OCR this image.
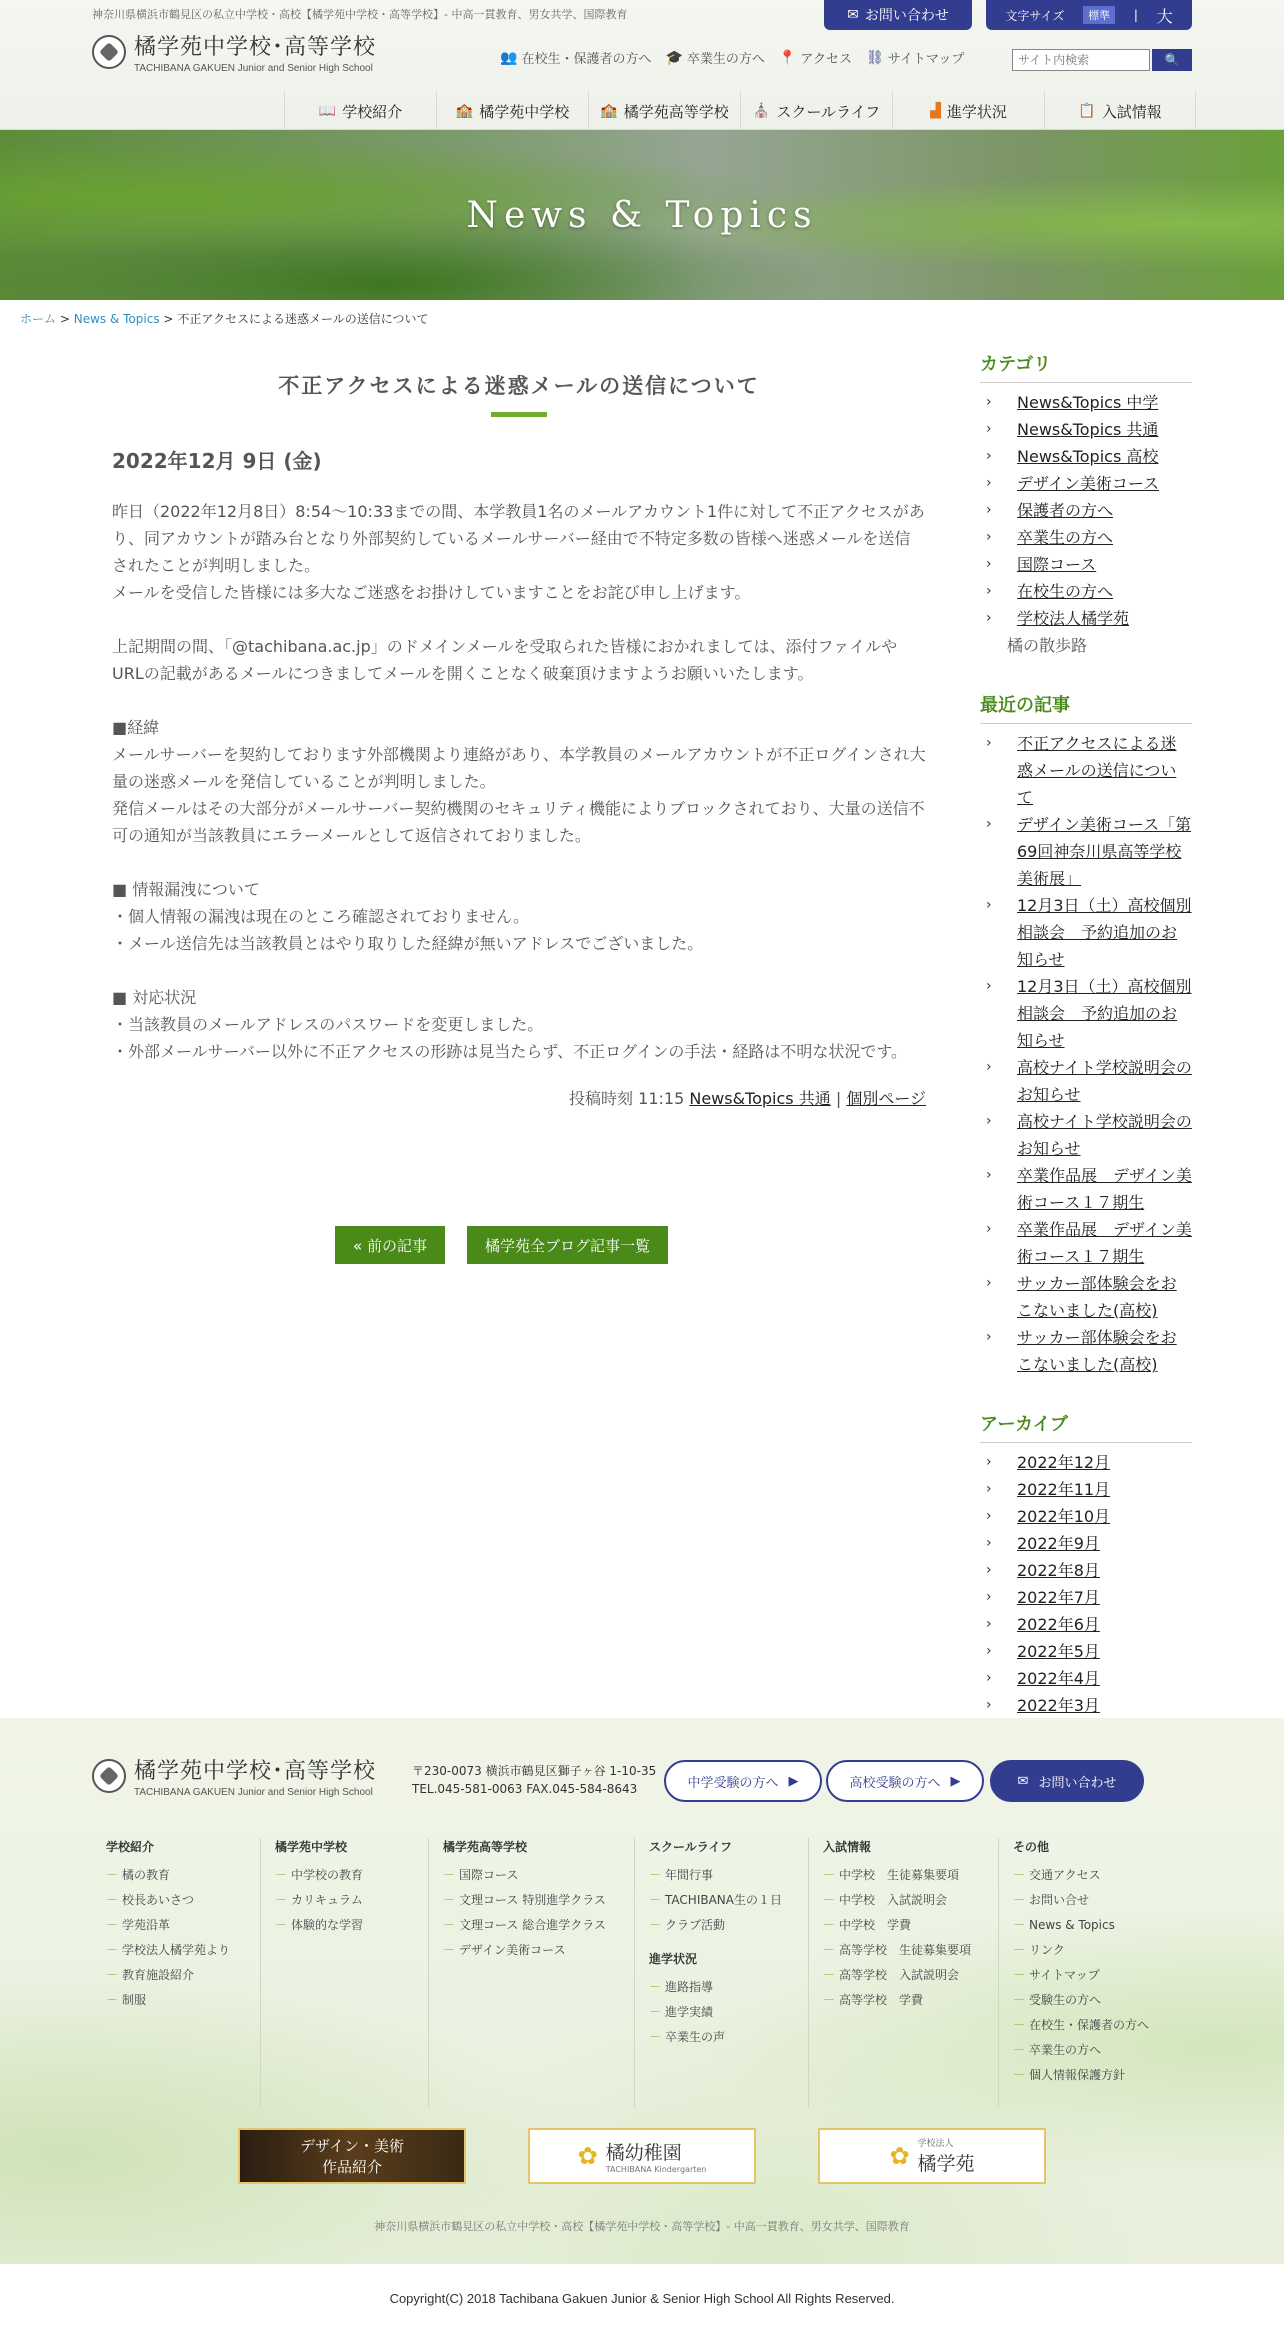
神奈川県横浜市鶴見区の私立中学校・高校【橘学苑中学校・高等学校】- 中高一貫教育、男女共学、国際教育
橘学苑中学校･高等学校
TACHIBANA GAKUEN Junior and Senior High School
✉ お問い合わせ	文字サイズ	標準	| 大
👥 在校生・保護者の方へ 🎓 卒業生の方へ 📍 アクセス ⛓ サイトマップ
サイト内検索	🔍
📖 学校紹介	🏫 橘学苑中学校 🏫 橘学苑高等学校 ⛪ スクールライフ	▟ 進学状況	📋 入試情報
News & Topics
ホーム > News & Topics > 不正アクセスによる迷惑メールの送信について
不正アクセスによる迷惑メールの送信について
2022年12月 9日 (金)
昨日（2022年12月8日）8:54～10:33までの間、本学教員1名のメールアカウント1件に対して不正アクセスがあり、同アカウントが踏み台となり外部契約しているメールサーバー経由で不特定多数の皆様へ迷惑メールを送信されたことが判明しました。
メールを受信した皆様には多大なご迷惑をお掛けしていますことをお詫び申し上げます。
上記期間の間、「@tachibana.ac.jp」のドメインメールを受取られた皆様におかれましては、添付ファイルやURLの記載があるメールにつきましてメールを開くことなく破棄頂けますようお願いいたします。
■経緯
メールサーバーを契約しております外部機関より連絡があり、本学教員のメールアカウントが不正ログインされ大量の迷惑メールを発信していることが判明しました。
発信メールはその大部分がメールサーバー契約機関のセキュリティ機能によりブロックされており、大量の送信不可の通知が当該教員にエラーメールとして返信されておりました。
■ 情報漏洩について
・個人情報の漏洩は現在のところ確認されておりません。
・メール送信先は当該教員とはやり取りした経緯が無いアドレスでございました。
■ 対応状況
・当該教員のメールアドレスのパスワードを変更しました。
・外部メールサーバー以外に不正アクセスの形跡は見当たらず、不正ログインの手法・経路は不明な状況です。
投稿時刻 11:15 News&Topics 共通 | 個別ページ
« 前の記事	橘学苑全ブログ記事一覧
カテゴリ
› News&Topics 中学
› News&Topics 共通
› News&Topics 高校
› デザイン美術コース
› 保護者の方へ
› 卒業生の方へ
› 国際コース
› 在校生の方へ
› 学校法人橘学苑
橘の散歩路
最近の記事
› 不正アクセスによる迷惑メールの送信について
› デザイン美術コース「第69回神奈川県高等学校美術展」
› 12月3日（土）高校個別相談会　予約追加のお知らせ
› 12月3日（土）高校個別相談会　予約追加のお知らせ
› 高校ナイト学校説明会のお知らせ
› 高校ナイト学校説明会のお知らせ
› 卒業作品展　デザイン美術コース１７期生
› 卒業作品展　デザイン美術コース１７期生
› サッカー部体験会をおこないました(高校)
› サッカー部体験会をおこないました(高校)
アーカイブ
› 2022年12月
› 2022年11月
› 2022年10月
› 2022年9月
› 2022年8月
› 2022年7月
› 2022年6月
› 2022年5月
› 2022年4月
› 2022年3月
橘学苑中学校･高等学校
TACHIBANA GAKUEN Junior and Senior High School
〒230-0073 横浜市鶴見区獅子ヶ谷 1-10-35
TEL.045-581-0063 FAX.045-584-8643	中学受験の方へ ▶	高校受験の方へ ▶	✉ お問い合わせ
学校紹介
－ 橘の教育
－ 校長あいさつ
－ 学苑沿革
－ 学校法人橘学苑より
－ 教育施設紹介
－ 制服
橘学苑中学校
－ 中学校の教育
－ カリキュラム
－ 体験的な学習
橘学苑高等学校
－ 国際コース
－ 文理コース 特別進学クラス
－ 文理コース 総合進学クラス
－ デザイン美術コース
スクールライフ
－ 年間行事
－ TACHIBANA生の１日
－ クラブ活動
進学状況
－ 進路指導
－ 進学実績
－ 卒業生の声
入試情報
－ 中学校　生徒募集要項
－ 中学校　入試説明会
－ 中学校　学費
－ 高等学校　生徒募集要項
－ 高等学校　入試説明会
－ 高等学校　学費
その他
－ 交通アクセス
－ お問い合せ
－ News & Topics
－ リンク
－ サイトマップ
－ 受験生の方へ
－ 在校生・保護者の方へ
－ 卒業生の方へ
－ 個人情報保護方針
デザイン・美術
作品紹介	✿ 橘幼稚園
TACHIBANA Kindergarten	✿ 学校法人
橘学苑
神奈川県横浜市鶴見区の私立中学校・高校【橘学苑中学校・高等学校】- 中高一貫教育、男女共学、国際教育
Copyright(C) 2018 Tachibana Gakuen Junior & Senior High School All Rights Reserved.
